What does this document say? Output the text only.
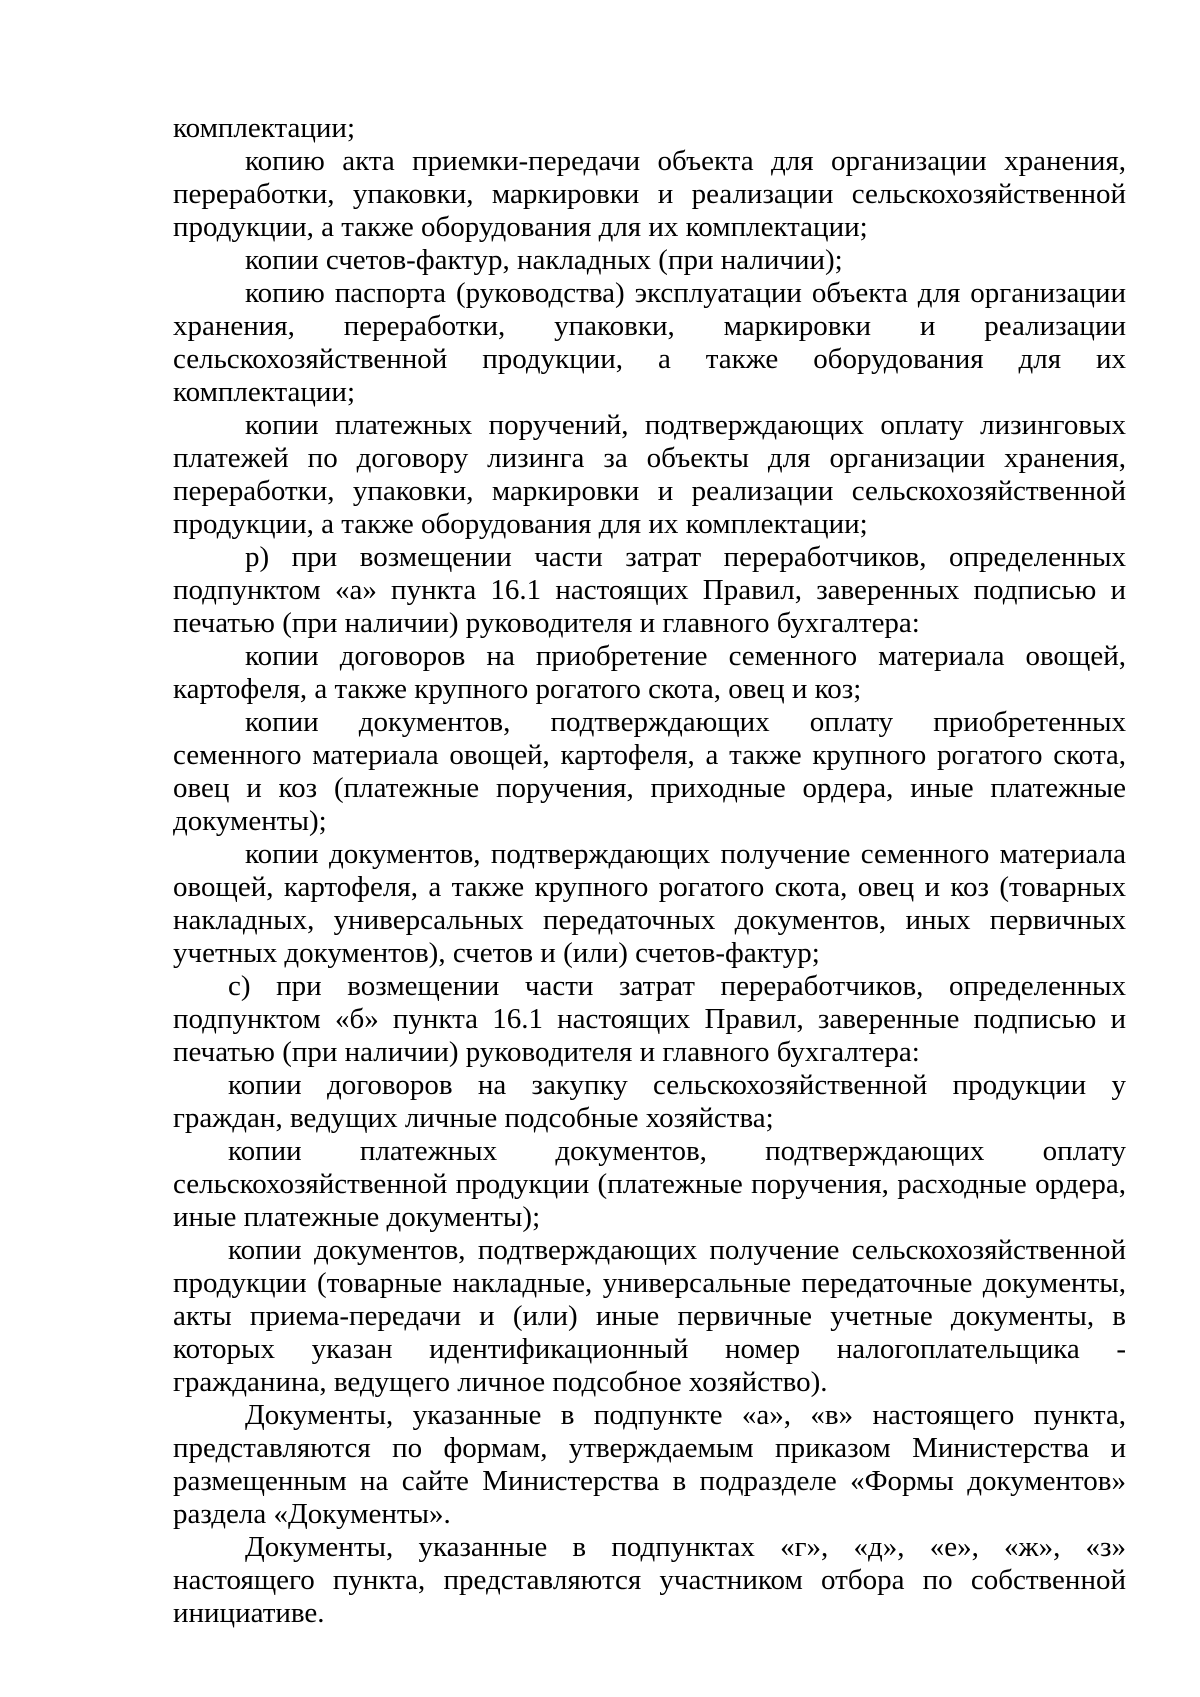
комплектации;

копию акта приемки-передачи объекта для организации хранения, переработки, упаковки, маркировки и реализации сельскохозяйственной продукции, а также оборудования для их комплектации;

копии счетов-фактур, накладных (при наличии);

копию паспорта (руководства) эксплуатации объекта для организации хранения, переработки, упаковки, маркировки и реализации сельскохозяйственной продукции, а также оборудования для их комплектации;

копии платежных поручений, подтверждающих оплату лизинговых платежей по договору лизинга за объекты для организации хранения, переработки, упаковки, маркировки и реализации сельскохозяйственной продукции, а также оборудования для их комплектации;

р) при возмещении части затрат переработчиков, определенных подпунктом «а» пункта 16.1 настоящих Правил, заверенных подписью и печатью (при наличии) руководителя и главного бухгалтера:

копии договоров на приобретение семенного материала овощей, картофеля, а также крупного рогатого скота, овец и коз;

копии документов, подтверждающих оплату приобретенных семенного материала овощей, картофеля, а также крупного рогатого скота, овец и коз (платежные поручения, приходные ордера, иные платежные документы);

копии документов, подтверждающих получение семенного материала овощей, картофеля, а также крупного рогатого скота, овец и коз (товарных накладных, универсальных передаточных документов, иных первичных учетных документов), счетов и (или) счетов-фактур;

с) при возмещении части затрат переработчиков, определенных подпунктом «б» пункта 16.1 настоящих Правил, заверенные подписью и печатью (при наличии) руководителя и главного бухгалтера:

копии договоров на закупку сельскохозяйственной продукции у граждан, ведущих личные подсобные хозяйства;

копии платежных документов, подтверждающих оплату сельскохозяйственной продукции (платежные поручения, расходные ордера, иные платежные документы);

копии документов, подтверждающих получение сельскохозяйственной продукции (товарные накладные, универсальные передаточные документы, акты приема-передачи и (или) иные первичные учетные документы, в которых указан идентификационный номер налогоплательщика - гражданина, ведущего личное подсобное хозяйство).

Документы, указанные в подпункте «а», «в» настоящего пункта, представляются по формам, утверждаемым приказом Министерства и размещенным на сайте Министерства в подразделе «Формы документов» раздела «Документы».

Документы, указанные в подпунктах «г», «д», «е», «ж», «з» настоящего пункта, представляются участником отбора по собственной инициативе.
